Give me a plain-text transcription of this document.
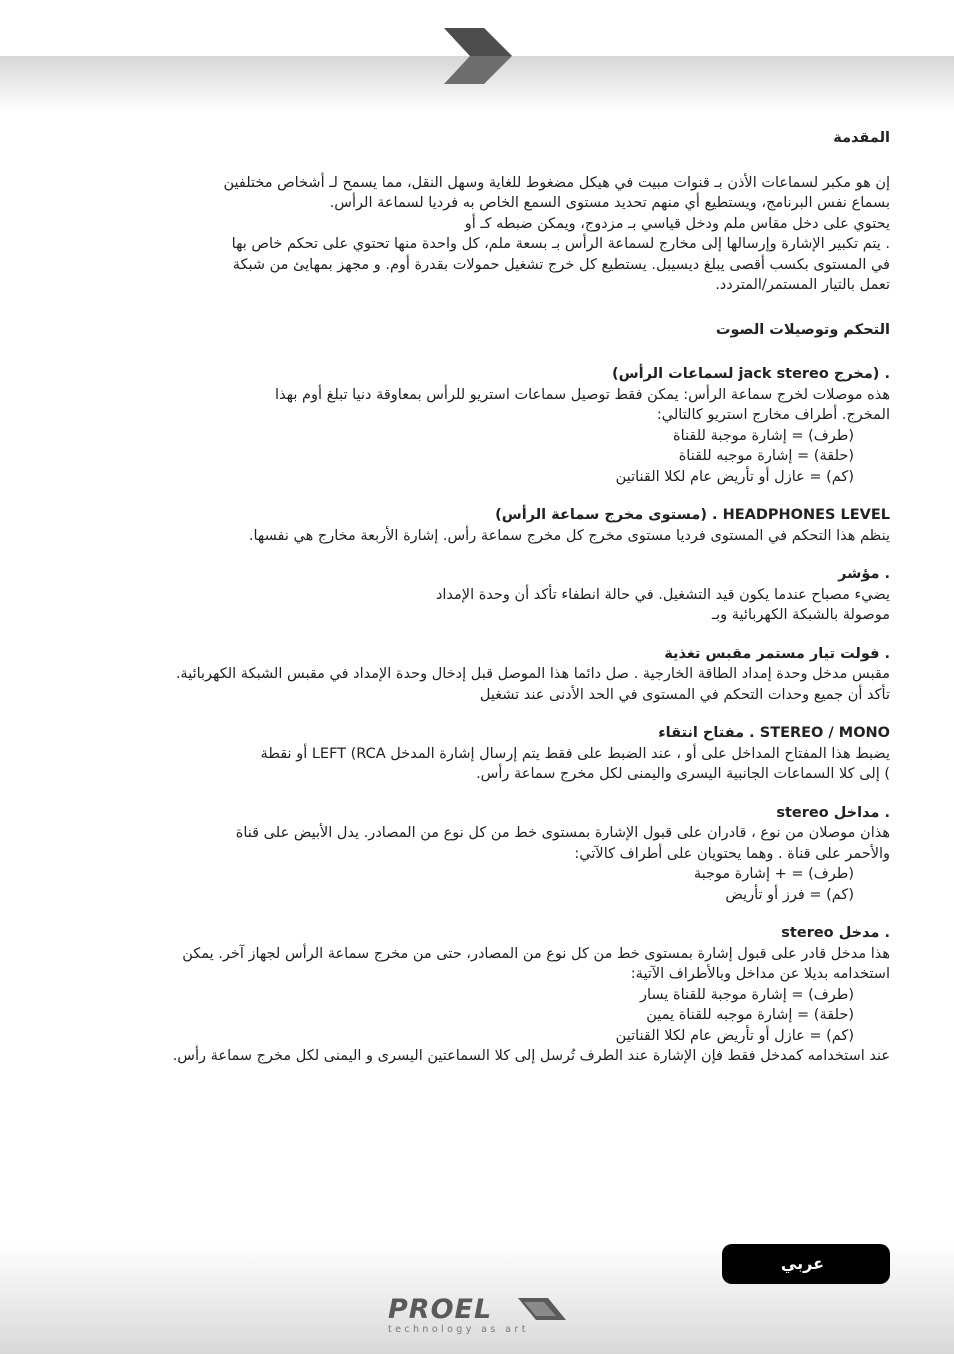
المقدمة

إن هو مكبر لسماعات الأذن بـ قنوات مبيت في هيكل مضغوط للغاية وسهل النقل، مما يسمح لـ أشخاص مختلفين

بسماع نفس البرنامج، ويستطيع أي منهم تحديد مستوى السمع الخاص به فرديا لسماعة الرأس.

يحتوي على دخل مقاس ملم ودخل قياسي بـ مزدوج، ويمكن ضبطه كـ أو

. يتم تكبير الإشارة وإرسالها إلى مخارج لسماعة الرأس بـ بسعة ملم، كل واحدة منها تحتوي على تحكم خاص بها

في المستوى بكسب أقصى يبلغ ديسيبل. يستطيع كل خرج تشغيل حمولات بقدرة أوم. و مجهز بمهايئ من شبكة

تعمل بالتيار المستمر/المتردد.

التحكم وتوصيلات الصوت

. (مخرج jack stereo لسماعات الرأس)

هذه موصلات لخرج سماعة الرأس: يمكن فقط توصيل سماعات استريو للرأس بمعاوقة دنيا تبلغ أوم بهذا

المخرج. أطراف مخارج استريو كالتالي:

(طرف) = إشارة موجبة للقناة

(حلقة) = إشارة موجبه للقناة

(كم) = عازل أو تأريض عام لكلا القناتين

HEADPHONES LEVEL . (مستوى مخرج سماعة الرأس)

ينظم هذا التحكم في المستوى فرديا مستوى مخرج كل مخرج سماعة رأس. إشارة الأربعة مخارج هي نفسها.

. مؤشر

يضيء مصباح عندما يكون قيد التشغيل. في حالة انطفاء تأكد أن وحدة الإمداد

موصولة بالشبكة الكهربائية وبـ

. فولت تيار مستمر مقبس تغذية

مقبس مدخل وحدة إمداد الطاقة الخارجية . صل دائما هذا الموصل قبل إدخال وحدة الإمداد في مقبس الشبكة الكهربائية.

تأكد أن جميع وحدات التحكم في المستوى في الحد الأدنى عند تشغيل

STEREO / MONO . مفتاح انتقاء

يضبط هذا المفتاح المداخل على أو ، عند الضبط على فقط يتم إرسال إشارة المدخل LEFT (RCA أو نقطة

) إلى كلا السماعات الجانبية اليسرى واليمنى لكل مخرج سماعة رأس.

. مداخل stereo

هذان موصلان من نوع ، قادران على قبول الإشارة بمستوى خط من كل نوع من المصادر. يدل الأبيض على قناة

والأحمر على قناة . وهما يحتويان على أطراف كالآتي:

(طرف) = + إشارة موجبة

(كم) = فرز أو تأريض

. مدخل stereo

هذا مدخل قادر على قبول إشارة بمستوى خط من كل نوع من المصادر، حتى من مخرج سماعة الرأس لجهاز آخر. يمكن

استخدامه بديلا عن مداخل وبالأطراف الآتية:

(طرف) = إشارة موجبة للقناة يسار

(حلقة) = إشارة موجبه للقناة يمين

(كم) = عازل أو تأريض عام لكلا القناتين

عند استخدامه كمدخل فقط فإن الإشارة عند الطرف تُرسل إلى كلا السماعتين اليسرى و اليمنى لكل مخرج سماعة رأس.

عربي
PROEL
technology as art
